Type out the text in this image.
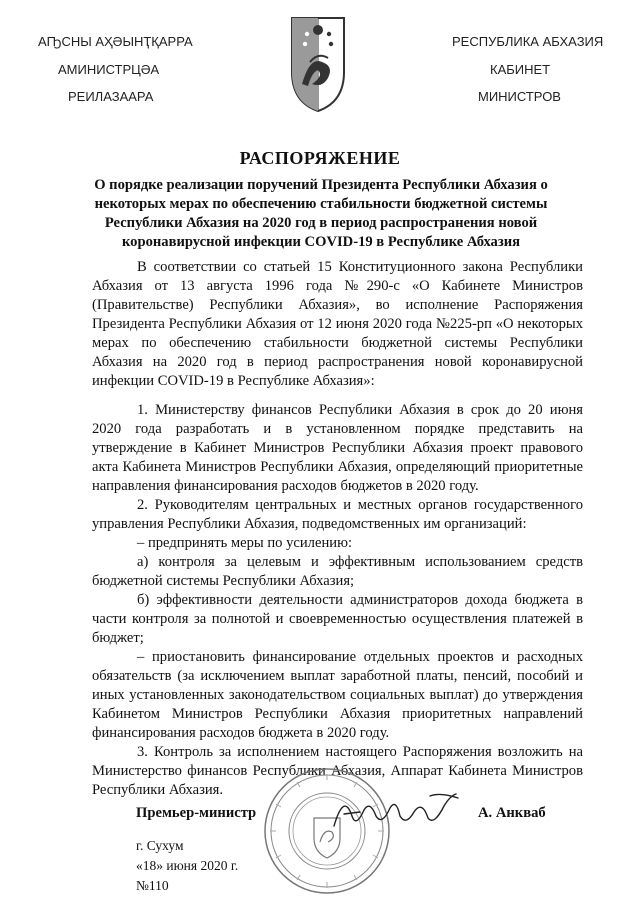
АҦСНЫ АҲӘЫНҬҚАРРА
АМИНИСТРЦӘА
РЕИЛАЗААРА
РЕСПУБЛИКА АБХАЗИЯ
КАБИНЕТ
МИНИСТРОВ
РАСПОРЯЖЕНИЕ
О порядке реализации поручений Президента Республики Абхазия о некоторых мерах по обеспечению стабильности бюджетной системы Республики Абхазия на 2020 год в период распространения новой коронавирусной инфекции COVID-19 в Республике Абхазия

В соответствии со статьей 15 Конституционного закона Республики Абхазия от 13 августа 1996 года №290-с «О Кабинете Министров (Правительстве) Республики Абхазия», во исполнение Распоряжения Президента Республики Абхазия от 12 июня 2020 года №225-рп «О некоторых мерах по обеспечению стабильности бюджетной системы Республики Абхазия на 2020 год в период распространения новой коронавирусной инфекции COVID-19 в Республике Абхазия»:

1. Министерству финансов Республики Абхазия в срок до 20 июня 2020 года разработать и в установленном порядке представить на утверждение в Кабинет Министров Республики Абхазия проект правового акта Кабинета Министров Республики Абхазия, определяющий приоритетные направления финансирования расходов бюджетов в 2020 году.

2. Руководителям центральных и местных органов государственного управления Республики Абхазия, подведомственных им организаций:

– предпринять меры по усилению:

а) контроля за целевым и эффективным использованием средств бюджетной системы Республики Абхазия;

б) эффективности деятельности администраторов дохода бюджета в части контроля за полнотой и своевременностью осуществления платежей в бюджет;

– приостановить финансирование отдельных проектов и расходных обязательств (за исключением выплат заработной платы, пенсий, пособий и иных установленных законодательством социальных выплат) до утверждения Кабинетом Министров Республики Абхазия приоритетных направлений финансирования расходов бюджета в 2020 году.

3. Контроль за исполнением настоящего Распоряжения возложить на Министерство финансов Республики Абхазия, Аппарат Кабинета Министров Республики Абхазия.

Премьер-министр	А. Анкваб
г. Сухум
«18» июня 2020 г.
№110
